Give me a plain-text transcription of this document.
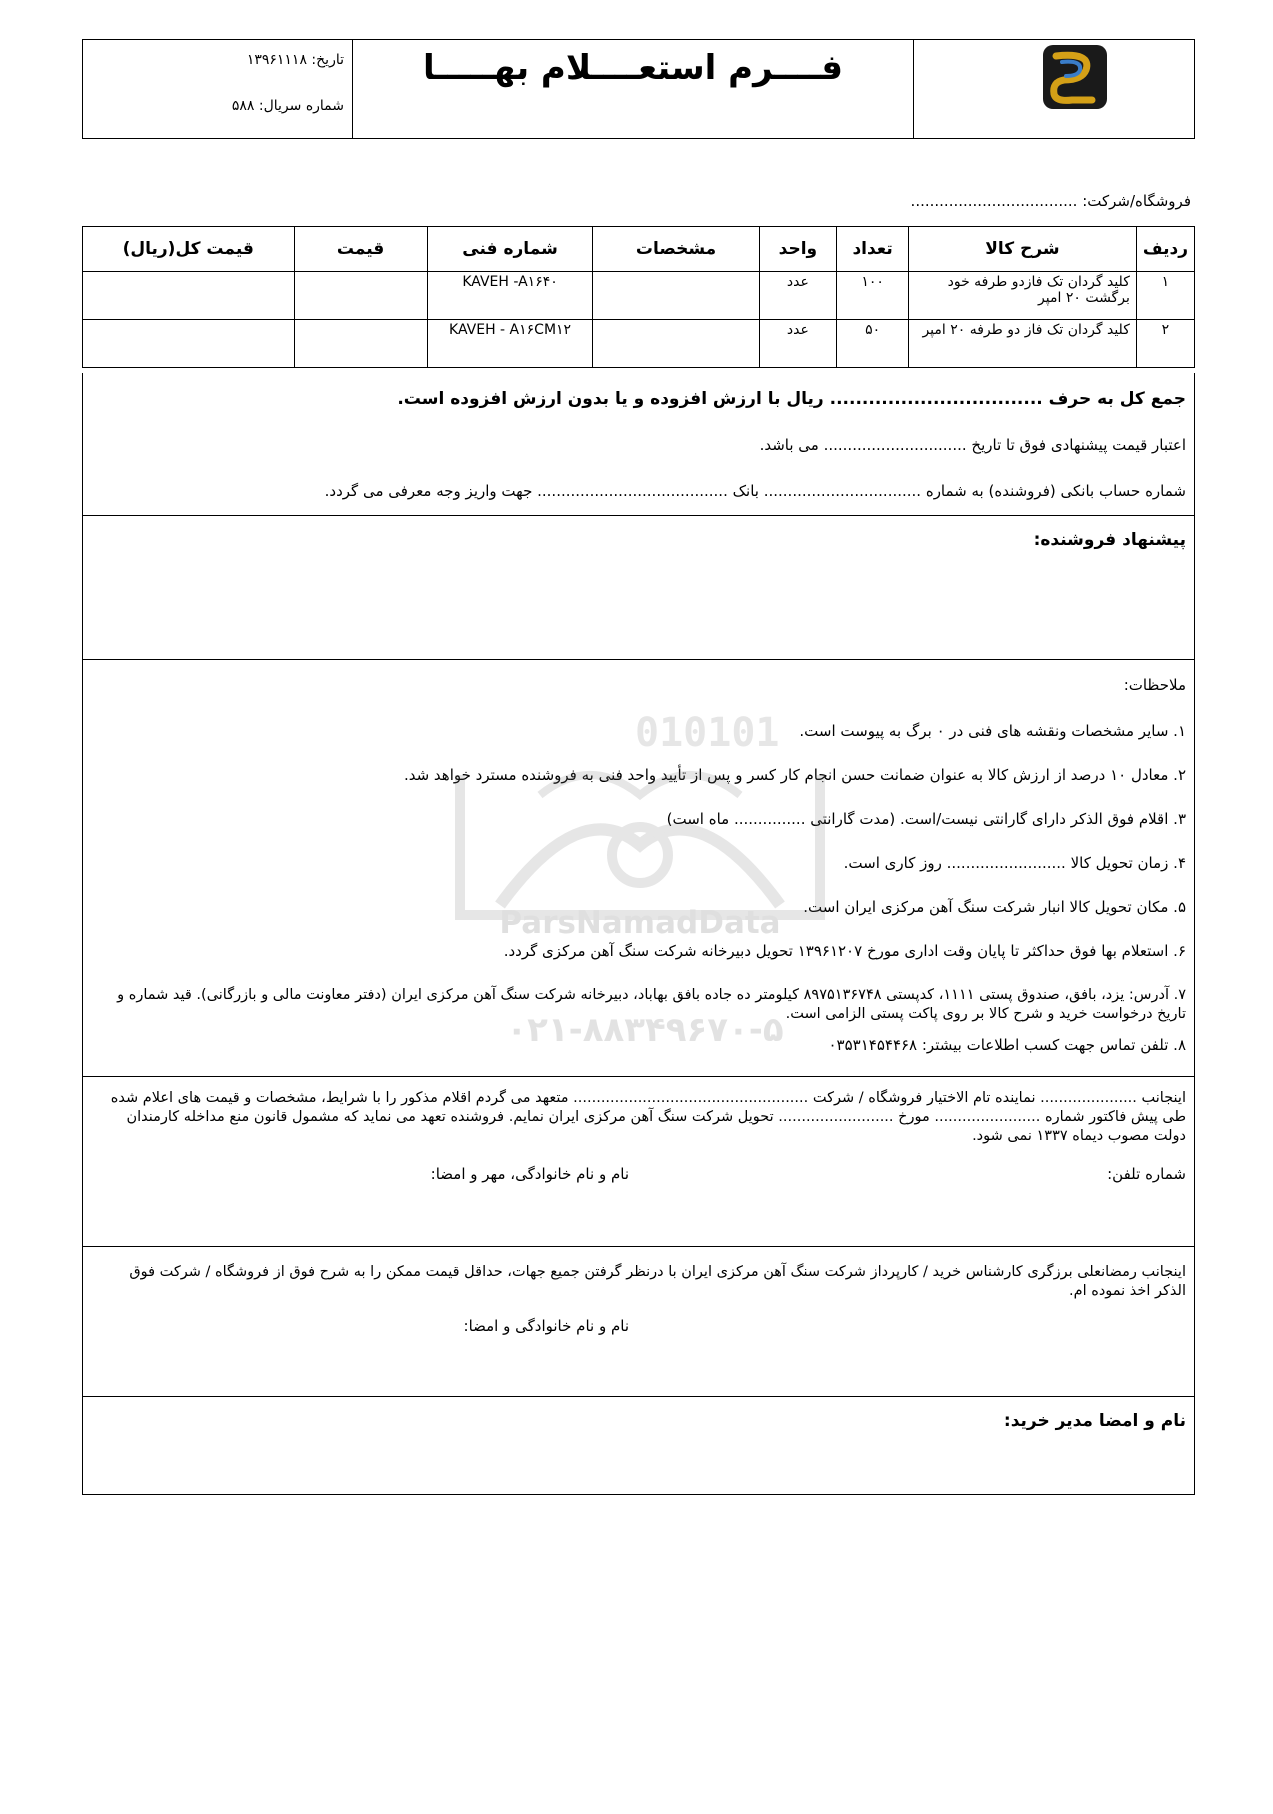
فــــرم استعــــلام بهـــــا
تاریخ: ۱۳۹۶۱۱۱۸
شماره سریال: ۵۸۸
فروشگاه/شرکت: ...................................
ردیف	شرح کالا	تعداد	واحد	مشخصات	شماره فنی	قیمت	قیمت کل(ریال)
۱	کلید گردان تک فازدو طرفه خود برگشت ۲۰ امپر	۱۰۰	عدد		KAVEH -A۱۶۴۰		
۲	کلید گردان تک فاز دو طرفه ۲۰ امپر	۵۰	عدد		KAVEH - A۱۶CM۱۲		
جمع کل به حرف ................................. ریال با ارزش افزوده و یا بدون ارزش افزوده است.
اعتبار قیمت پیشنهادی فوق تا تاریخ .............................. می باشد.
شماره حساب بانکی (فروشنده) به شماره ................................. بانک ........................................ جهت واریز وجه معرفی می گردد.
پیشنهاد فروشنده:
ملاحظات:
۱. سایر مشخصات ونقشه های فنی در ۰ برگ به پیوست است.
۲. معادل ۱۰ درصد از ارزش کالا به عنوان ضمانت حسن انجام کار کسر و پس از تأیید واحد فنی به فروشنده مسترد خواهد شد.
۳. اقلام فوق الذکر دارای گارانتی نیست/است. (مدت گارانتی ............... ماه است)
۴. زمان تحویل کالا ......................... روز کاری است.
۵. مکان تحویل کالا انبار شرکت سنگ آهن مرکزی ایران است.
۶. استعلام بها فوق حداکثر تا پایان وقت اداری مورخ ۱۳۹۶۱۲۰۷ تحویل دبیرخانه شرکت سنگ آهن مرکزی گردد.
۷. آدرس: یزد، بافق، صندوق پستی ۱۱۱۱، کدپستی ۸۹۷۵۱۳۶۷۴۸ کیلومتر ده جاده بافق بهاباد، دبیرخانه شرکت سنگ آهن مرکزی ایران (دفتر معاونت مالی و بازرگانی). قید شماره و تاریخ درخواست خرید و شرح کالا بر روی پاکت پستی الزامی است.
۸. تلفن تماس جهت کسب اطلاعات بیشتر: ۰۳۵۳۱۴۵۴۴۶۸
اینجانب ..................... نماینده تام الاختیار فروشگاه / شرکت ................................................... متعهد می گردم اقلام مذکور را با شرایط، مشخصات و قیمت های اعلام شده طی پیش فاکتور شماره ....................... مورخ ......................... تحویل شرکت سنگ آهن مرکزی ایران نمایم. فروشنده تعهد می نماید که مشمول قانون منع مداخله کارمندان دولت مصوب دیماه ۱۳۳۷ نمی شود.
شماره تلفن:
نام و نام خانوادگی، مهر و امضا:
اینجانب رمضانعلی برزگری کارشناس خرید / کارپرداز شرکت سنگ آهن مرکزی ایران با درنظر گرفتن جمیع جهات، حداقل قیمت ممکن را به شرح فوق از فروشگاه / شرکت فوق الذکر اخذ نموده ام.
نام و نام خانوادگی و امضا:
نام و امضا مدیر خرید:
010101
ParsNamadData
۰۲۱-۸۸۳۴۹۶۷۰-۵
